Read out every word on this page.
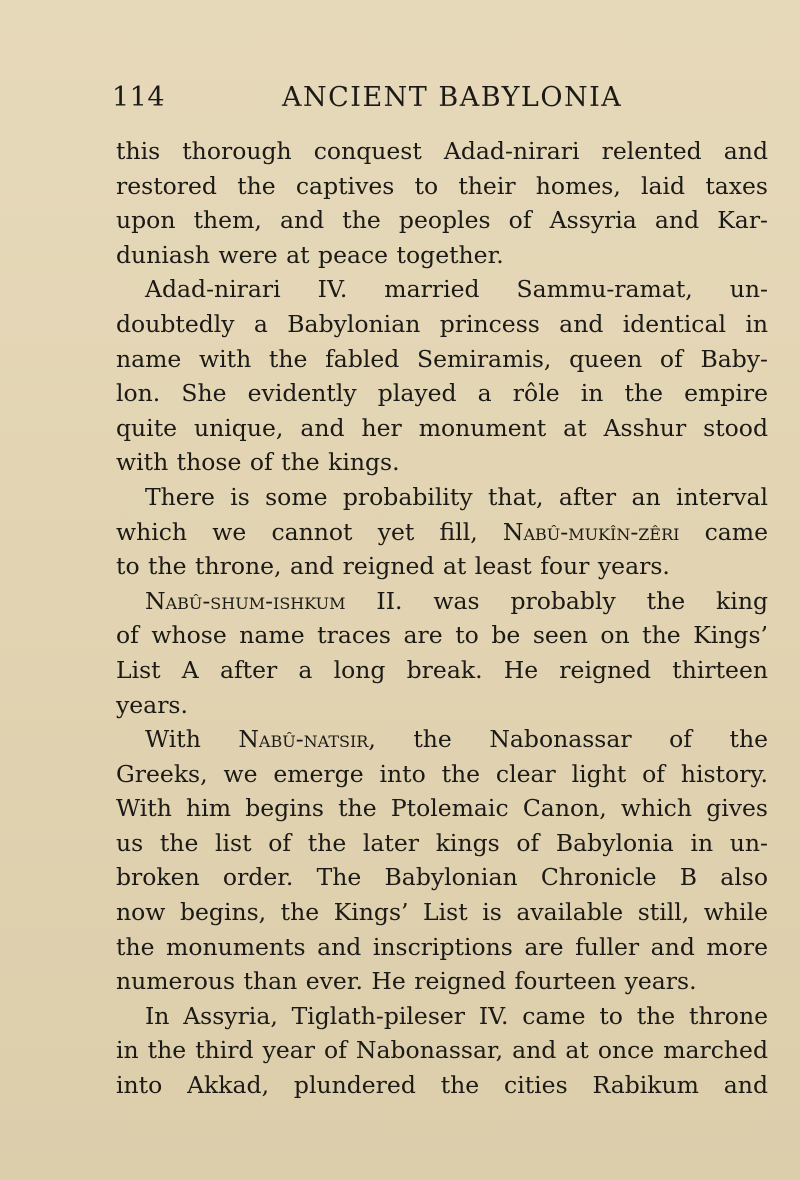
114	ANCIENT BABYLONIA
this thorough conquest Adad-nirari relented and
restored the captives to their homes, laid taxes
upon them, and the peoples of Assyria and Kar-
duniash were at peace together.
Adad-nirari IV. married Sammu-ramat, un-
doubtedly a Babylonian princess and identical in
name with the fabled Semiramis, queen of Baby-
lon. She evidently played a rôle in the empire
quite unique, and her monument at Asshur stood
with those of the kings.
There is some probability that, after an interval
which we cannot yet fill, Nabû-mukîn-zêri came
to the throne, and reigned at least four years.
Nabû-shum-ishkum II. was probably the king
of whose name traces are to be seen on the Kings’
List A after a long break. He reigned thirteen
years.
With Nabû-natsir, the Nabonassar of the
Greeks, we emerge into the clear light of history.
With him begins the Ptolemaic Canon, which gives
us the list of the later kings of Babylonia in un-
broken order. The Babylonian Chronicle B also
now begins, the Kings’ List is available still, while
the monuments and inscriptions are fuller and more
numerous than ever. He reigned fourteen years.
In Assyria, Tiglath-pileser IV. came to the throne
in the third year of Nabonassar, and at once marched
into Akkad, plundered the cities Rabikum and
